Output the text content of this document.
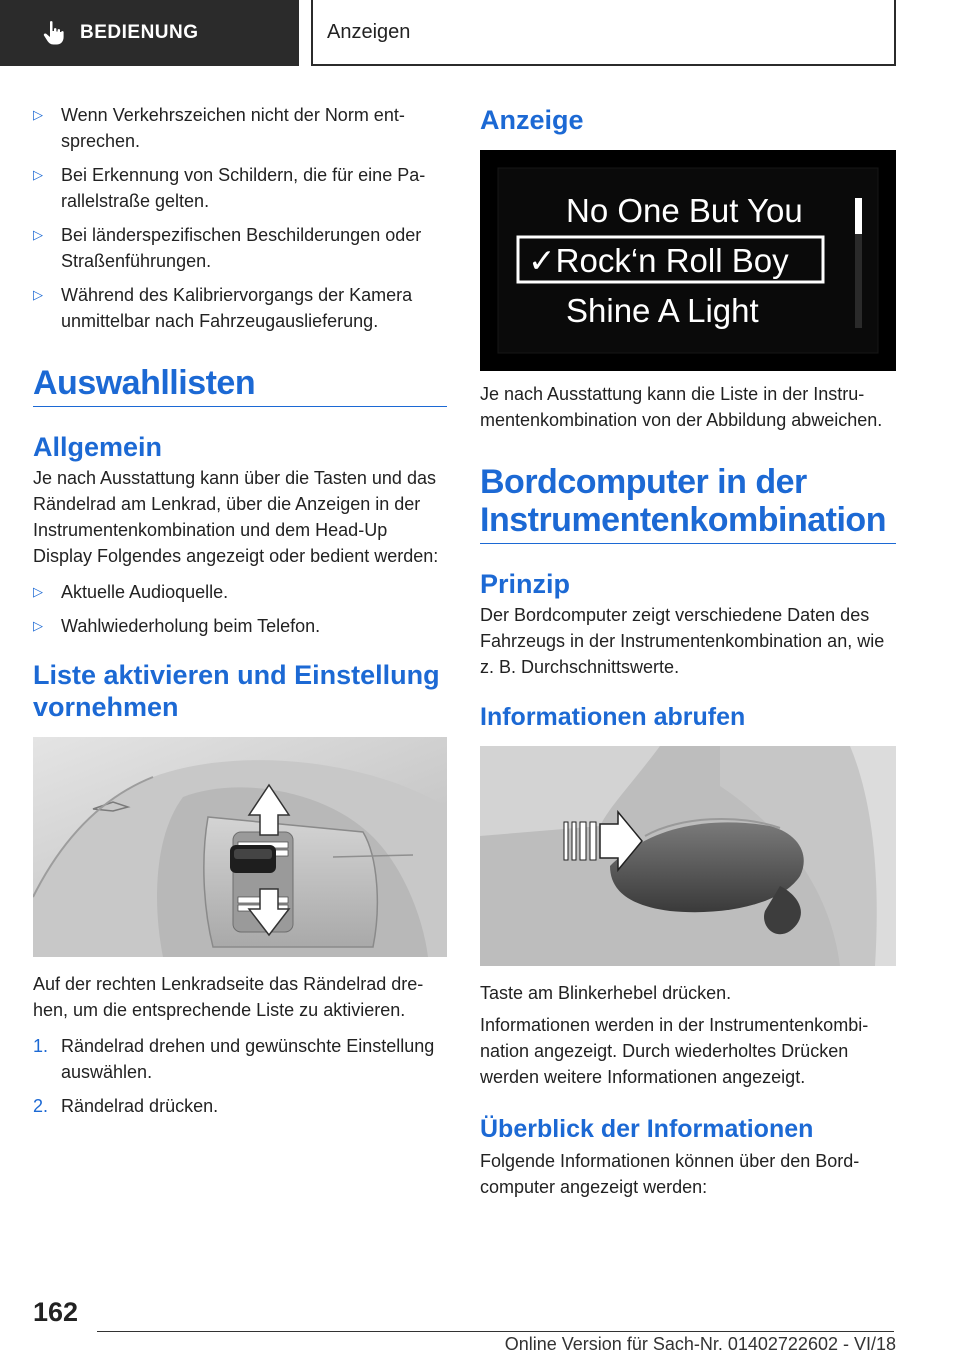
BEDIENUNG	Anzeigen
▷ Wenn Verkehrszeichen nicht der Norm entsprechen.
▷ Bei Erkennung von Schildern, die für eine Parallelstraße gelten.
▷ Bei länderspezifischen Beschilderungen oder Straßenführungen.
▷ Während des Kalibriervorgangs der Kamera unmittelbar nach Fahrzeugauslieferung.
Auswahllisten
Allgemein
Je nach Ausstattung kann über die Tasten und das Rändelrad am Lenkrad, über die Anzeigen in der Instrumentenkombination und dem Head-Up Display Folgendes angezeigt oder bedient werden:
▷ Aktuelle Audioquelle.
▷ Wahlwiederholung beim Telefon.
Liste aktivieren und Einstellung vornehmen
Auf der rechten Lenkradseite das Rändelrad drehen, um die entsprechende Liste zu aktivieren.
1. Rändelrad drehen und gewünschte Einstellung auswählen.
2. Rändelrad drücken.
Anzeige
No One But You
✓Rock‘n Roll Boy
Shine A Light
Je nach Ausstattung kann die Liste in der Instrumentenkombination von der Abbildung abweichen.
Bordcomputer in der Instrumentenkombination
Prinzip
Der Bordcomputer zeigt verschiedene Daten des Fahrzeugs in der Instrumentenkombination an, wie z. B. Durchschnittswerte.
Informationen abrufen
Taste am Blinkerhebel drücken.
Informationen werden in der Instrumentenkombination angezeigt. Durch wiederholtes Drücken werden weitere Informationen angezeigt.
Überblick der Informationen
Folgende Informationen können über den Bordcomputer angezeigt werden:
162
Online Version für Sach-Nr. 01402722602 - VI/18
